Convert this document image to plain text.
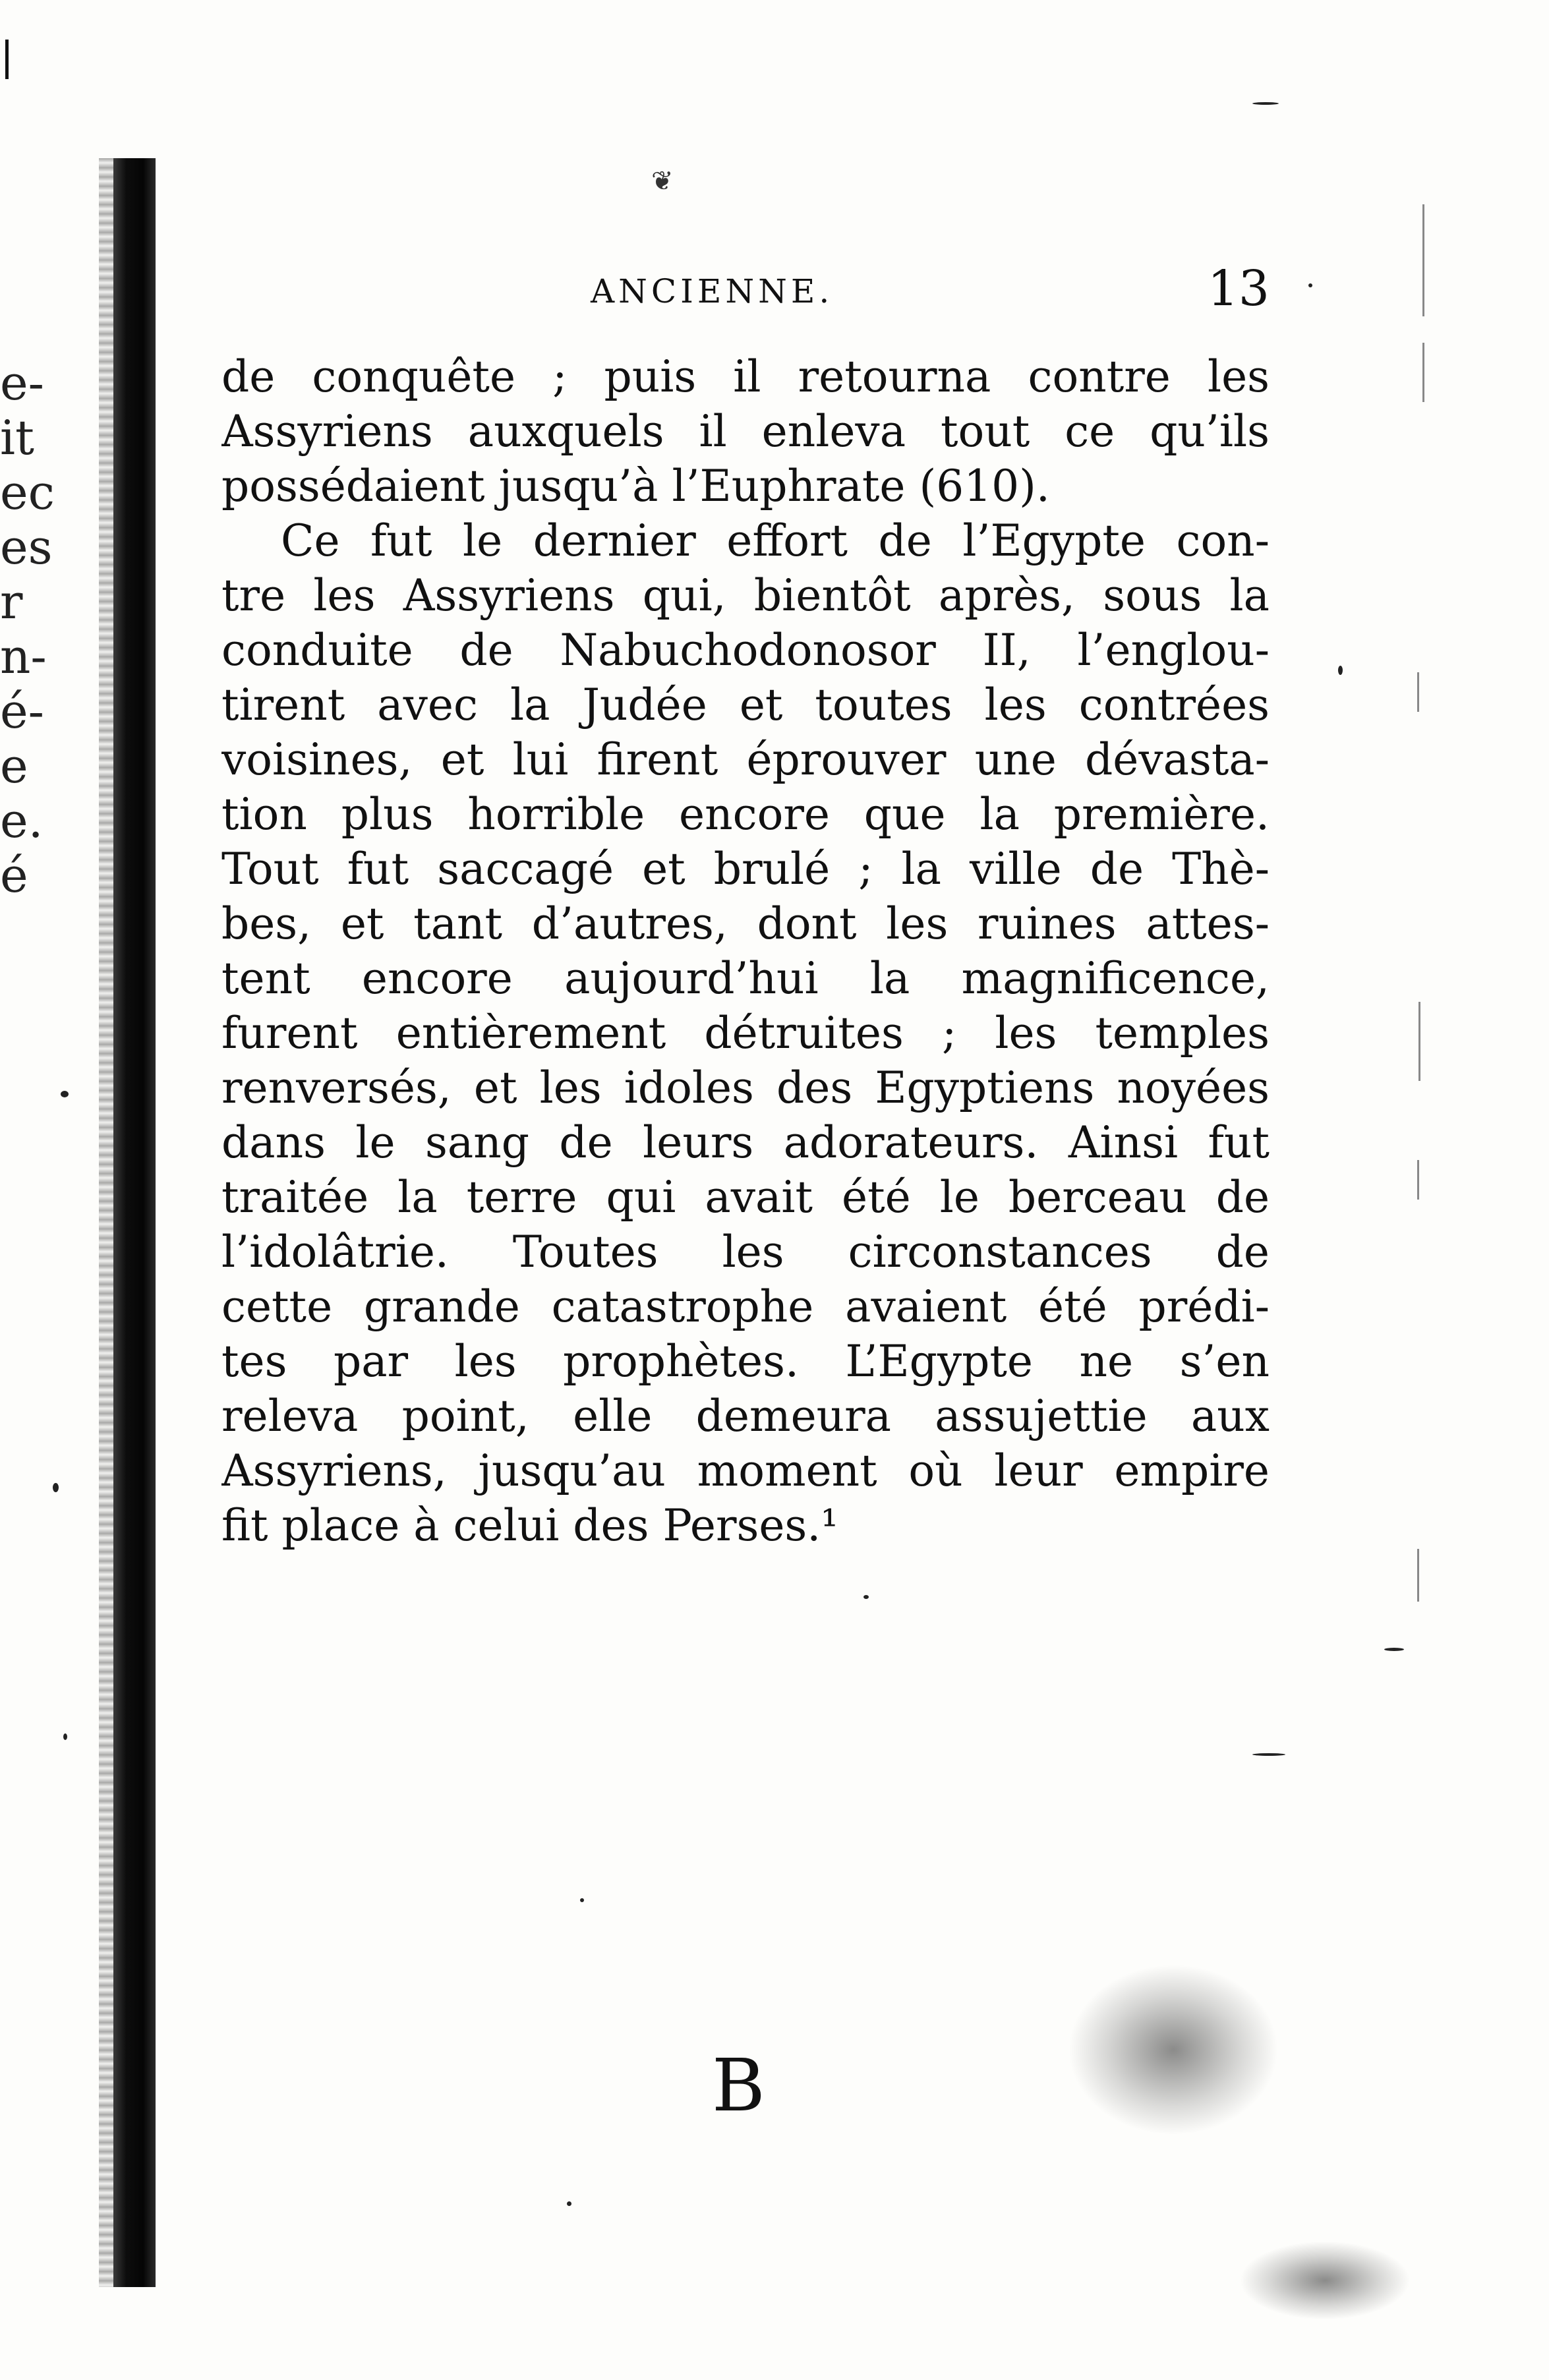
e-
it
ec
es
r
n-
é-
e
e.
é
❦
ANCIENNE.	13
de conquête ; puis il retourna contre les
Assyriens auxquels il enleva tout ce qu’ils
possédaient jusqu’à l’Euphrate (610).
Ce fut le dernier effort de l’Egypte con-
tre les Assyriens qui, bientôt après, sous la
conduite de Nabuchodonosor II, l’englou-
tirent avec la Judée et toutes les contrées
voisines, et lui firent éprouver une dévasta-
tion plus horrible encore que la première.
Tout fut saccagé et brulé ; la ville de Thè-
bes, et tant d’autres, dont les ruines attes-
tent encore aujourd’hui la magnificence,
furent entièrement détruites ; les temples
renversés, et les idoles des Egyptiens noyées
dans le sang de leurs adorateurs. Ainsi fut
traitée la terre qui avait été le berceau de
l’idolâtrie. Toutes les circonstances de
cette grande catastrophe avaient été prédi-
tes par les prophètes. L’Egypte ne s’en
releva point, elle demeura assujettie aux
Assyriens, jusqu’au moment où leur empire
fit place à celui des Perses.¹
B
